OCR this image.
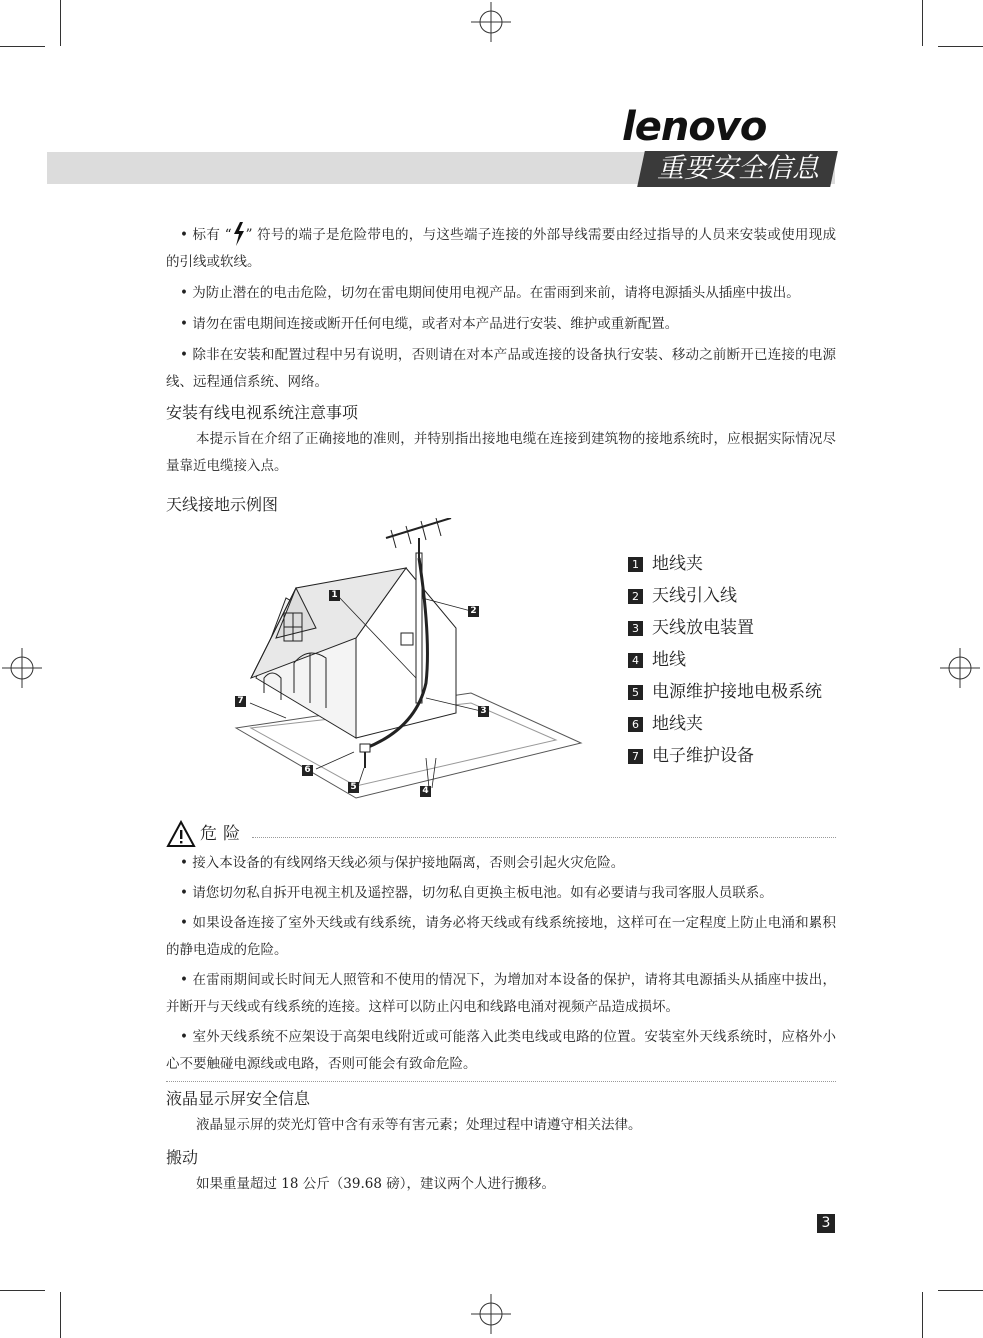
lenovo
重要安全信息

• 标有 “ ” 符号的端子是危险带电的，与这些端子连接的外部导线需要由经过指导的人员来安装或使用现成的引线或软线。

• 为防止潜在的电击危险，切勿在雷电期间使用电视产品。在雷雨到来前，请将电源插头从插座中拔出。

• 请勿在雷电期间连接或断开任何电缆，或者对本产品进行安装、维护或重新配置。

• 除非在安装和配置过程中另有说明，否则请在对本产品或连接的设备执行安装、移动之前断开已连接的电源线、远程通信系统、网络。

安装有线电视系统注意事项

本提示旨在介绍了正确接地的准则，并特别指出接地电缆在连接到建筑物的接地系统时，应根据实际情况尽量靠近电缆接入点。

天线接地示例图
1
2
3
4
5
6
7
1 地线夹
2 天线引入线
3 天线放电装置
4 地线
5 电源维护接地电极系统
6 地线夹
7 电子维护设备
危险

• 接入本设备的有线网络天线必须与保护接地隔离，否则会引起火灾危险。

• 请您切勿私自拆开电视主机及遥控器，切勿私自更换主板电池。如有必要请与我司客服人员联系。

• 如果设备连接了室外天线或有线系统，请务必将天线或有线系统接地，这样可在一定程度上防止电涌和累积的静电造成的危险。

• 在雷雨期间或长时间无人照管和不使用的情况下，为增加对本设备的保护，请将其电源插头从插座中拔出，并断开与天线或有线系统的连接。这样可以防止闪电和线路电涌对视频产品造成损坏。

• 室外天线系统不应架设于高架电线附近或可能落入此类电线或电路的位置。安装室外天线系统时，应格外小心不要触碰电源线或电路，否则可能会有致命危险。

液晶显示屏安全信息

液晶显示屏的荧光灯管中含有汞等有害元素；处理过程中请遵守相关法律。

搬动

如果重量超过 18 公斤（39.68 磅），建议两个人进行搬移。

3
